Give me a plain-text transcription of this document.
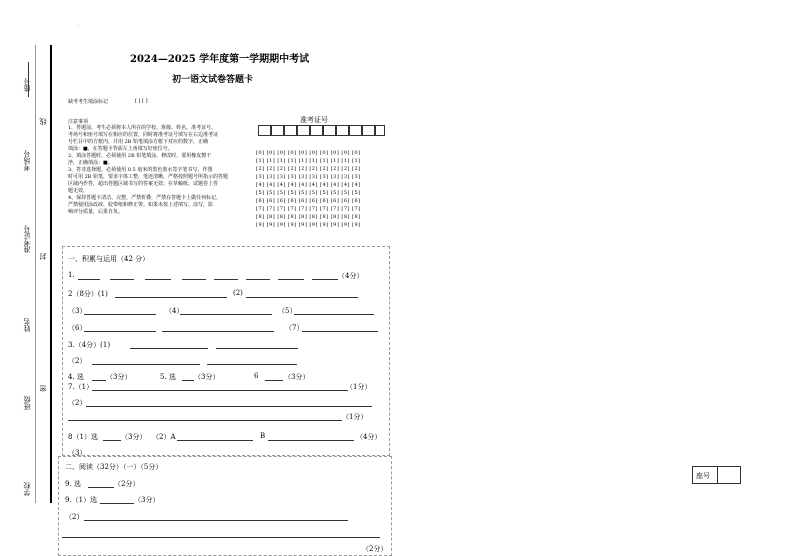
..
座号
线
考场号
准考证号
封
姓名
密
班级
学校
2024—2025 学年度第一学期期中考试
初一语文试卷答题卡
缺考考生填涂标记	[ ] [ ]
注意事项
1、答题前，考生必须将本人所在的学校、班级、姓名、准考证号、
考场号和座号填写在相应的位置，同时将准考证号填写在右边准考证
号栏目中的方框内，并用 2B 铅笔填涂方框下对应的数字，正确
填涂：■，在答题卡背面左上角填写好座位号。
2、填涂答题时，必须使用 2B 铅笔填涂，修改时，要用橡皮擦干
净，正确填涂：■。
3、答非选择题，必须使用 0.5 毫米的黑色墨水签字笔书写，作图
时可用 2B 铅笔，要求字体工整，笔迹清晰，严格按照题号所指示的答题
区域内作答，超出答题区域书写的答案无效；在草稿纸、试题卷上答
题无效。
4、保持答题卡清洁、完整，严禁折叠，严禁在答题卡上做任何标记，
严禁使用涂改液、胶带纸和修正带。如果未按上述填写、涂写，影
响评分质量，后果自负。
准考证号
[0] [0] [0] [0] [0] [0] [0] [0] [0] [0]
[1] [1] [1] [1] [1] [1] [1] [1] [1] [1]
[2] [2] [2] [2] [2] [2] [2] [2] [2] [2]
[3] [3] [3] [3] [3] [3] [3] [3] [3] [3]
[4] [4] [4] [4] [4] [4] [4] [4] [4] [4]
[5] [5] [5] [5] [5] [5] [5] [5] [5] [5]
[6] [6] [6] [6] [6] [6] [6] [6] [6] [6]
[7] [7] [7] [7] [7] [7] [7] [7] [7] [7]
[8] [8] [8] [8] [8] [8] [8] [8] [8] [8]
[9] [9] [9] [9] [9] [9] [9] [9] [9] [9]
一、积累与运用（42 分）
1.	（4分）
2（8分）(1)	(2)
（3）	（4）	（5）
（6）	（7）
3.（4分）(1)
（2）
4. 选	（3分）	5. 选	（3分）	6	（3分）
7.（1）	（1分）
（2）
（1分）
8（1）选	（3分） （2）A	B	（4分）
（3）
二、阅读（32分）（一）（5分）
9. 选	（2分）
9.（1）选	（3分）
（2）
（2分）
座号
